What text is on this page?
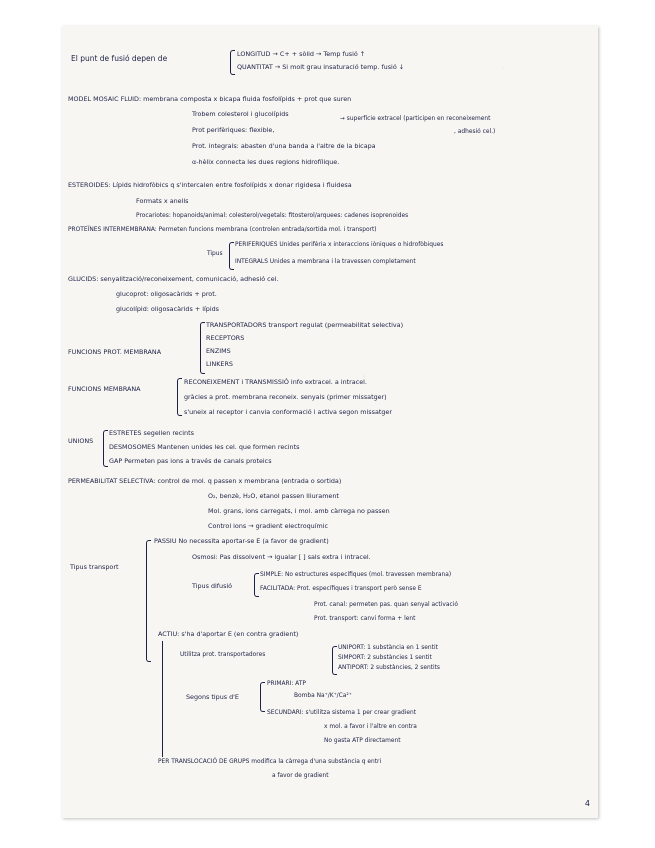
.
.
El punt de fusió depen de	LONGITUD → C+ + sòlid → Temp fusió ↑
QUANTITAT → Si molt grau insaturació temp. fusió ↓
MODEL MOSAIC FLUID: membrana composta x bicapa fluida fosfolípids + prot que suren
Trobem colesterol i glucolípids
→ superfície extracel (participen en reconeixement
Prot perifèriques: flexible,	, adhesió cel.)
Prot. integrals: abasten d'una banda a l'altre de la bicapa
α-hèlix connecta les dues regions hidrofílique.
ESTEROIDES: Lípids hidrofòbics q s'intercalen entre fosfolípids x donar rigidesa i fluidesa
Formats x anells
Procariotes: hopanoids/animal: colesterol/vegetals: fitosterol/arquees: cadenes isoprenoides
PROTEÏNES INTERMEMBRANA: Permeten funcions membrana (controlen entrada/sortida mol. i transport)
Tipus
PERIFERIQUES Unides perifèria x interaccions iòniques o hidrofòbiques
INTEGRALS Unides a membrana i la travessen completament
GLUCIDS: senyalització/reconeixement, comunicació, adhesió cel.
glucoprot: oligosacàrids + prot.
glucolípid: oligosacàrids + lípids
FUNCIONS PROT. MEMBRANA
TRANSPORTADORS transport regulat (permeabilitat selectiva)
RECEPTORS
ENZIMS
LINKERS
FUNCIONS MEMBRANA
RECONEIXEMENT i TRANSMISSIÓ info extracel. a intracel.
gràcies a prot. membrana reconeix. senyals (primer missatger)
s'uneix al receptor i canvia conformació i activa segon missatger
UNIONS
ESTRETES segellen recints
DESMOSOMES Mantenen unides les cel. que formen recints
GAP Permeten pas ions a través de canals proteics
PERMEABILITAT SELECTIVA: control de mol. q passen x membrana (entrada o sortida)
O₂, benzè, H₂O, etanol passen lliurament
Mol. grans, ions carregats, i mol. amb càrrega no passen
Control ions → gradient electroquímic
Tipus transport
PASSIU No necessita aportar-se E (a favor de gradient)
Osmosi: Pas dissolvent → igualar [ ] sals extra i intracel.
Tipus difusió
SIMPLE: No estructures específiques (mol. travessen membrana)
FACILITADA: Prot. específiques i transport però sense E
Prot. canal: permeten pas. quan senyal activació
Prot. transport: canvi forma + lent
ACTIU: s'ha d'aportar E (en contra gradient)
Utilitza prot. transportadores
UNIPORT: 1 substància en 1 sentit
SIMPORT: 2 substàncies 1 sentit
ANTIPORT: 2 substàncies, 2 sentits
Segons tipus d'E
PRIMARI: ATP
Bomba Na⁺/K⁺/Ca²⁺
SECUNDARI: s'utilitza sistema 1 per crear gradient
x mol. a favor i l'altre en contra
No gasta ATP directament
PER TRANSLOCACIÓ DE GRUPS modifica la càrrega d'una substància q entri
a favor de gradient
4
